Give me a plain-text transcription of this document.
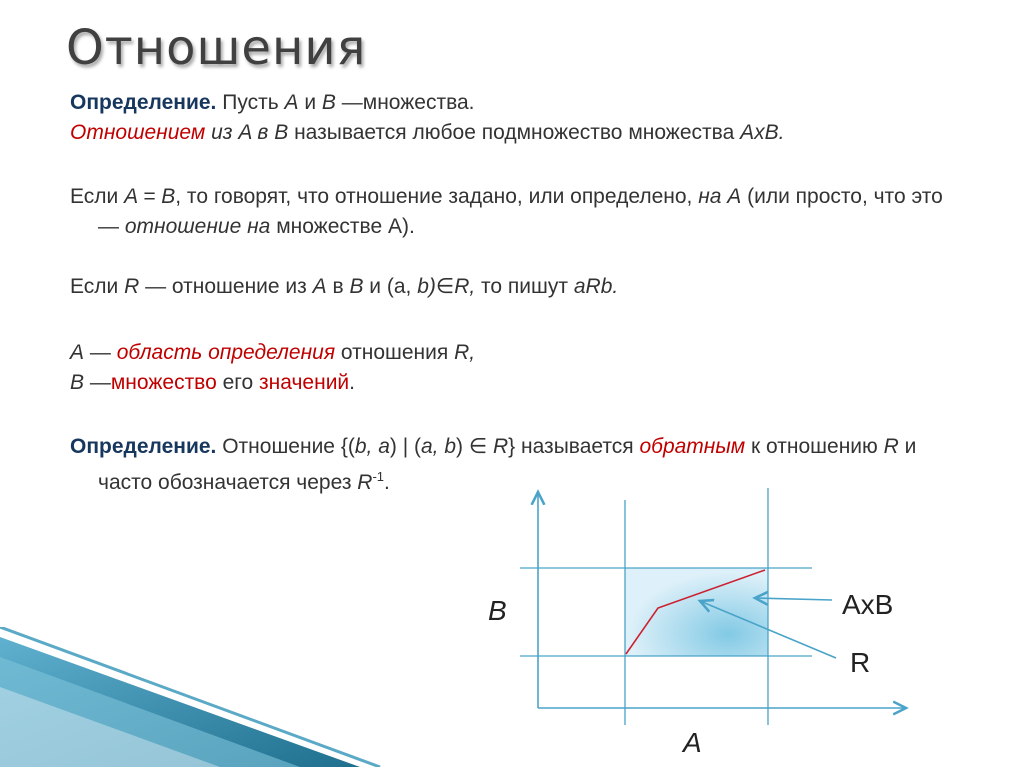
Отношения

Определение. Пусть A и B —множества.

Отношением из A в B называется любое подмножество множества AxB.

Если A = B, то говорят, что отношение задано, или определено, на A (или просто, что это — отношение на множестве А).

Если R — отношение из A в B и (a, b)∈R, то пишут aRb.

A — область определения отношения R,

B —множество его значений.

Определение. Отношение {(b, a) | (a, b) ∈ R} называется обратным к отношению R и часто обозначается через $R^{-1}$.

B
A
AxB
R
